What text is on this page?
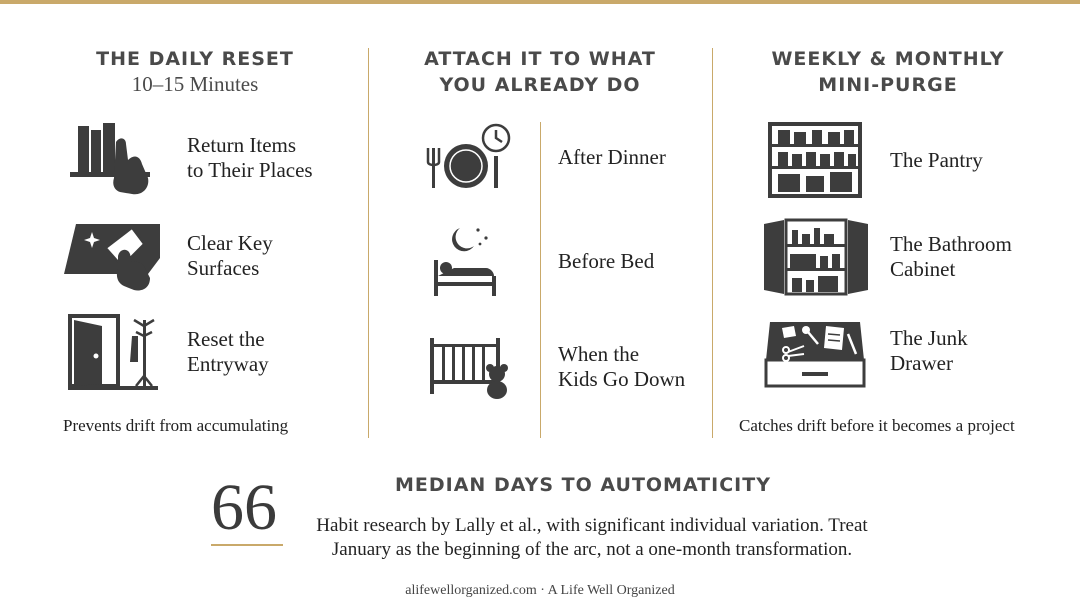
THE DAILY RESET
10–15 Minutes
Return Items
to Their Places
Clear Key
Surfaces
Reset the
Entryway
Prevents drift from accumulating
ATTACH IT TO WHAT
YOU ALREADY DO
After Dinner
Before Bed
When the
Kids Go Down
WEEKLY & MONTHLY
MINI-PURGE
The Pantry
The Bathroom
Cabinet
The Junk
Drawer
Catches drift before it becomes a project
66	MEDIAN DAYS TO AUTOMATICITY
Habit research by Lally et al., with significant individual variation. Treat January as the beginning of the arc, not a one-month transformation.
alifewellorganized.com · A Life Well Organized
